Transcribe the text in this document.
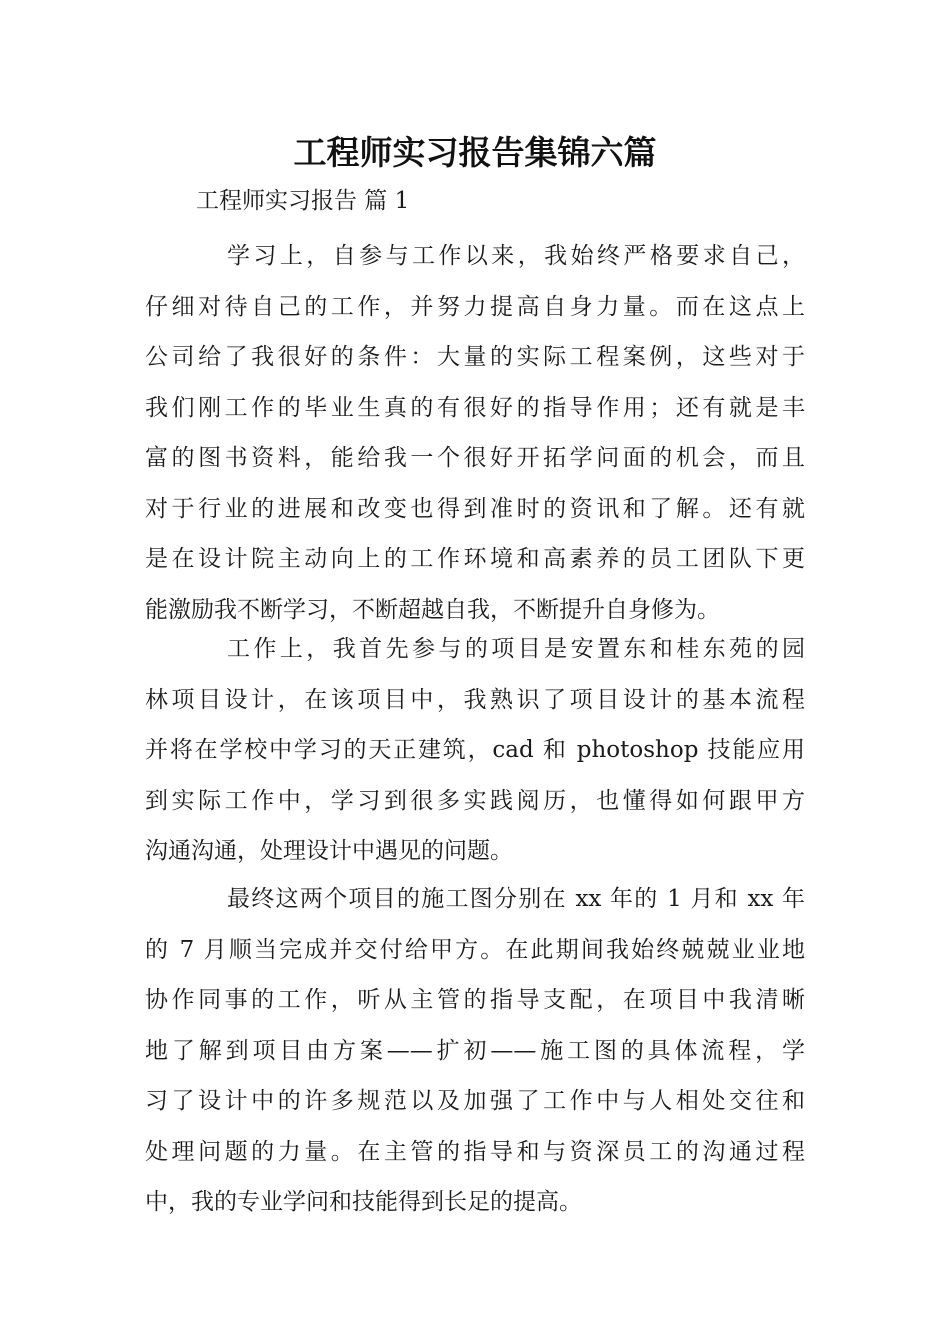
工程师实习报告集锦六篇
工程师实习报告 篇 1
学习上，自参与工作以来，我始终严格要求自己，
仔细对待自己的工作，并努力提高自身力量。而在这点上
公司给了我很好的条件：大量的实际工程案例，这些对于
我们刚工作的毕业生真的有很好的指导作用；还有就是丰
富的图书资料，能给我一个很好开拓学问面的机会，而且
对于行业的进展和改变也得到准时的资讯和了解。还有就
是在设计院主动向上的工作环境和高素养的员工团队下更
能激励我不断学习，不断超越自我，不断提升自身修为。
工作上，我首先参与的项目是安置东和桂东苑的园
林项目设计，在该项目中，我熟识了项目设计的基本流程
并将在学校中学习的天正建筑，cad 和 photoshop 技能应用
到实际工作中，学习到很多实践阅历，也懂得如何跟甲方
沟通沟通，处理设计中遇见的问题。
最终这两个项目的施工图分别在 xx 年的 1 月和 xx 年
的 7 月顺当完成并交付给甲方。在此期间我始终兢兢业业地
协作同事的工作，听从主管的指导支配，在项目中我清晰
地了解到项目由方案——扩初——施工图的具体流程，学
习了设计中的许多规范以及加强了工作中与人相处交往和
处理问题的力量。在主管的指导和与资深员工的沟通过程
中，我的专业学问和技能得到长足的提高。
